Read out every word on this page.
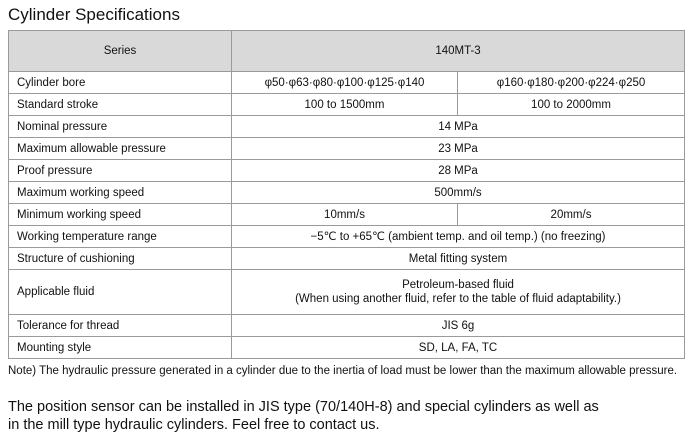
Cylinder Specifications
Series	140MT-3	
Cylinder bore	φ50·φ63·φ80·φ100·φ125·φ140	φ160·φ180·φ200·φ224·φ250
Standard stroke	100 to 1500mm	100 to 2000mm
Nominal pressure	14 MPa	
Maximum allowable pressure	23 MPa	
Proof pressure	28 MPa	
Maximum working speed	500mm/s	
Minimum working speed	10mm/s	20mm/s
Working temperature range	−5℃ to +65℃ (ambient temp. and oil temp.) (no freezing)	
Structure of cushioning	Metal fitting system	
Applicable fluid	Petroleum-based fluid
(When using another fluid, refer to the table of fluid adaptability.)	

Tolerance for thread	JIS 6g	
Mounting style	SD, LA, FA, TC	
Note) The hydraulic pressure generated in a cylinder due to the inertia of load must be lower than the maximum allowable pressure.
The position sensor can be installed in JIS type (70/140H-8) and special cylinders as well as
in the mill type hydraulic cylinders. Feel free to contact us.
